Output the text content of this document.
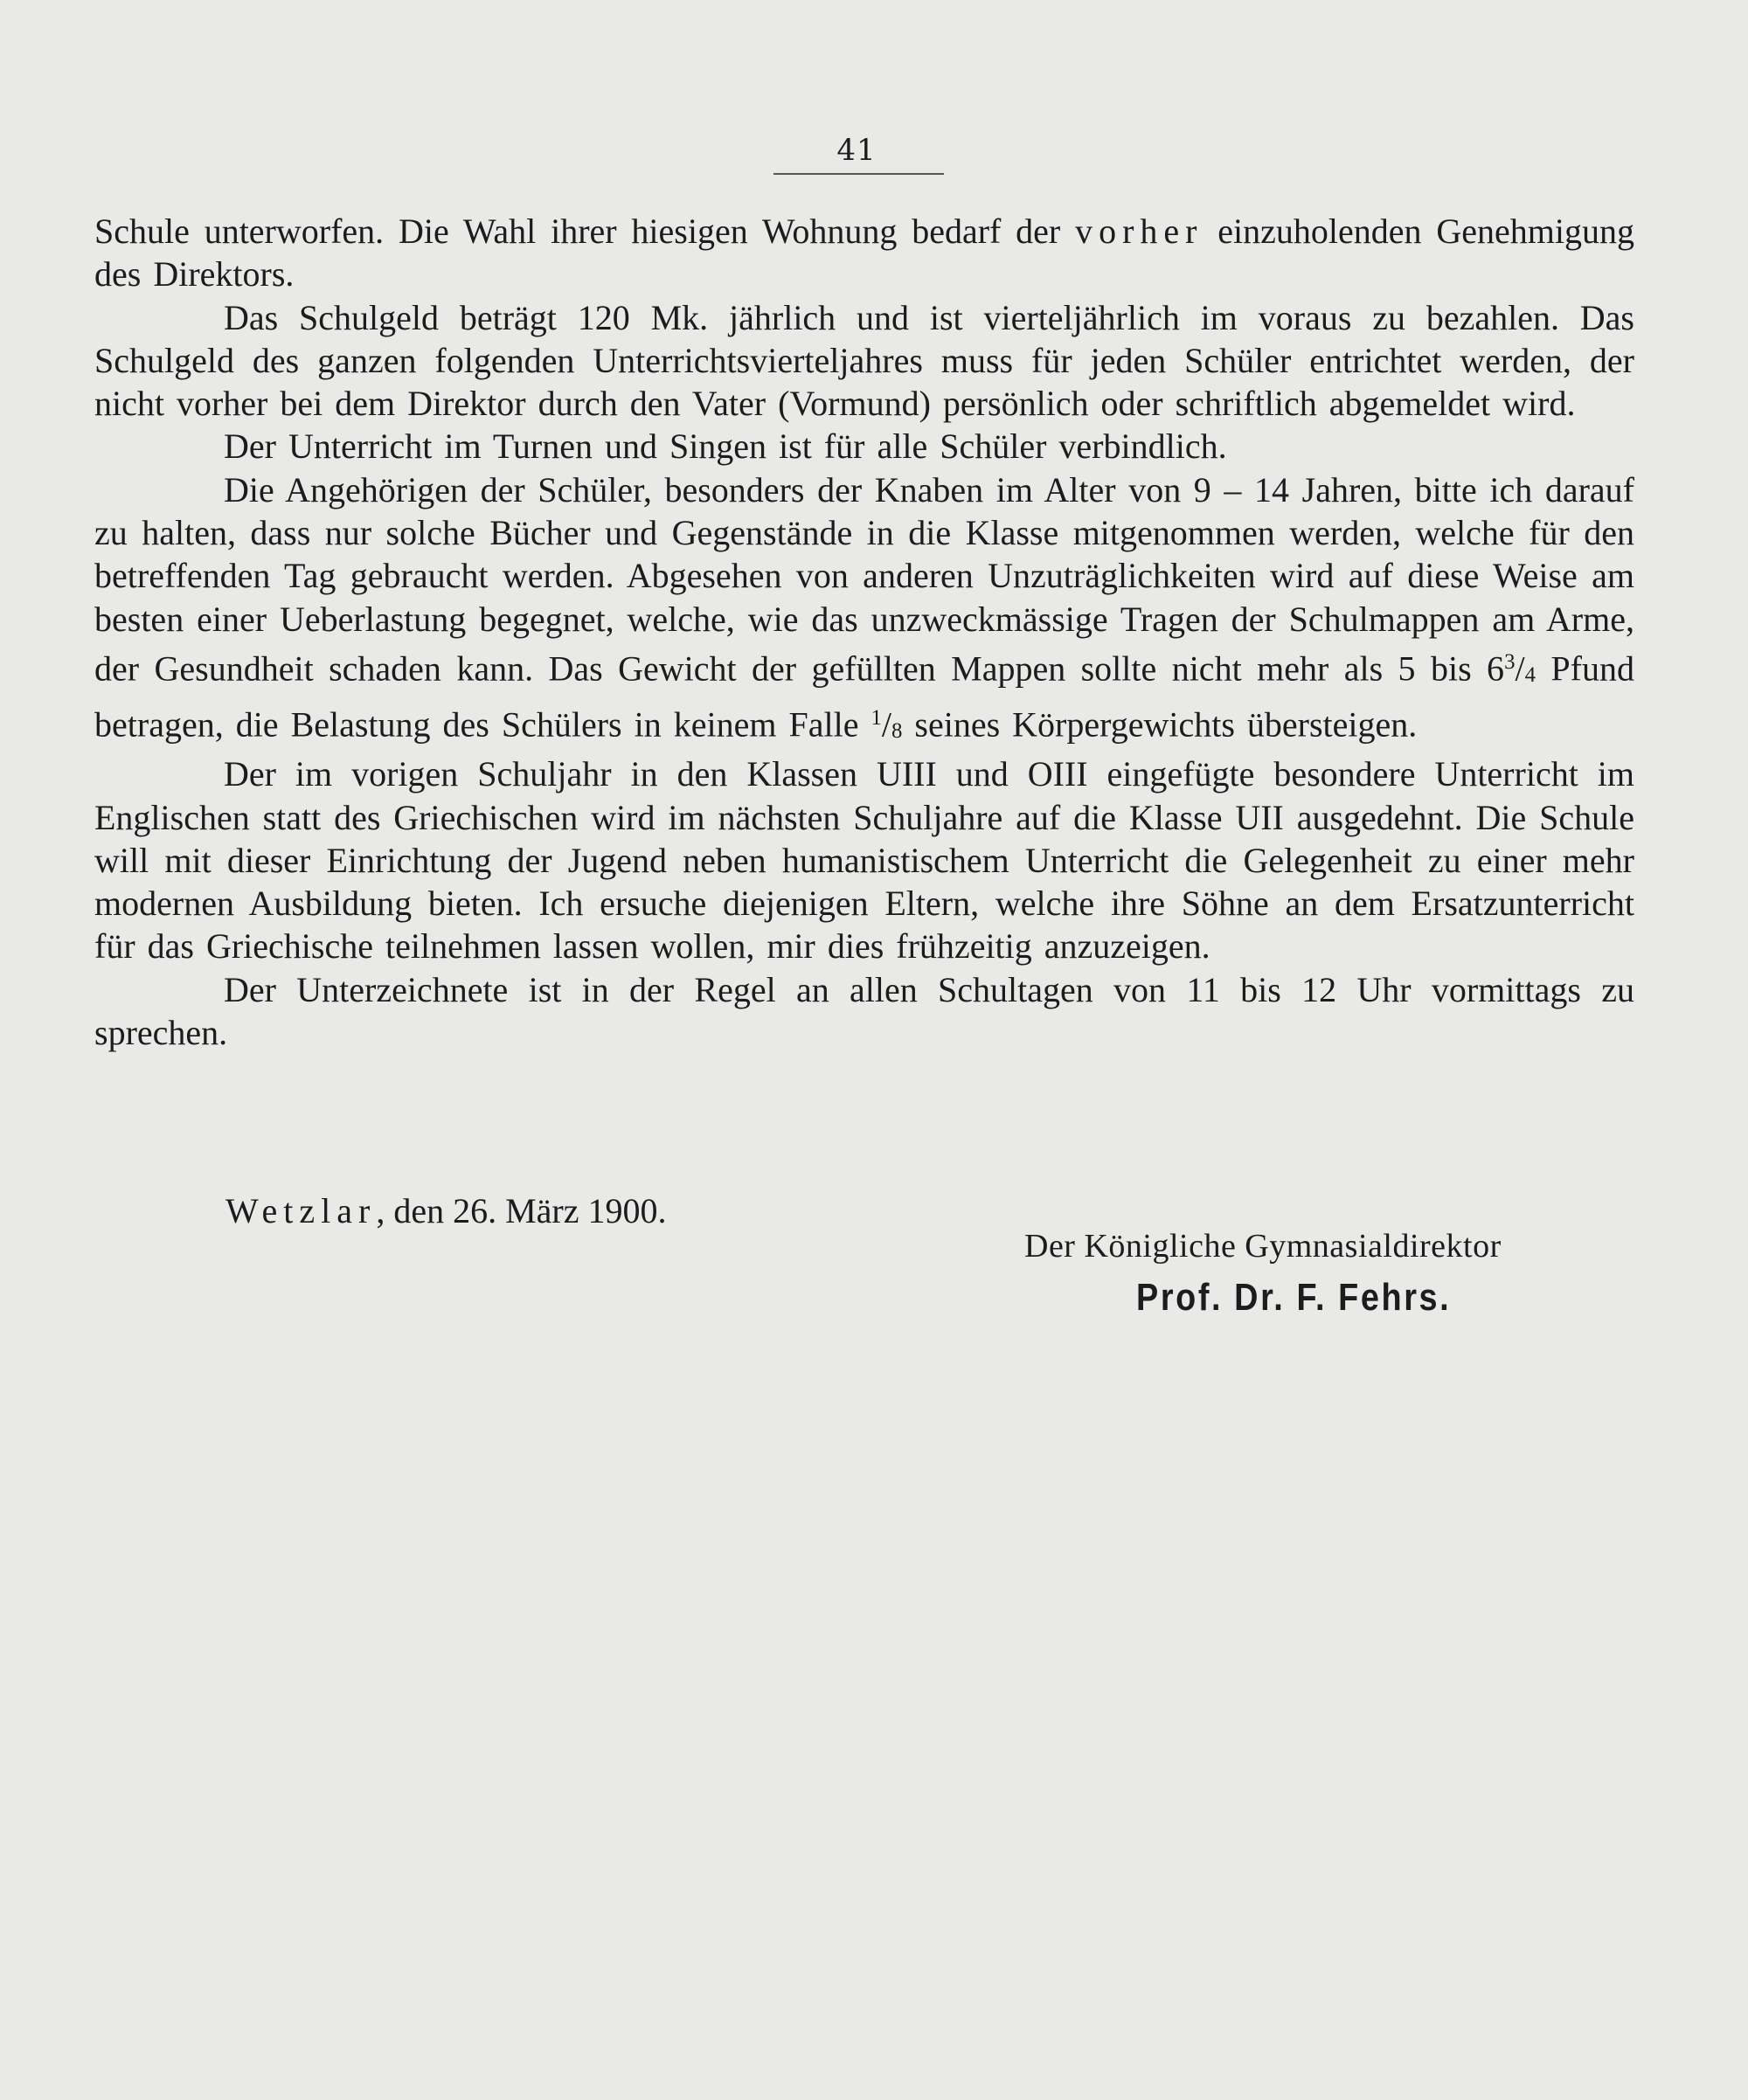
41

Schule unterworfen. Die Wahl ihrer hiesigen Wohnung bedarf der vorher einzuholenden Genehmigung des Direktors.

Das Schulgeld beträgt 120 Mk. jährlich und ist vierteljährlich im voraus zu bezahlen. Das Schulgeld des ganzen folgenden Unterrichtsvierteljahres muss für jeden Schüler entrichtet werden, der nicht vorher bei dem Direktor durch den Vater (Vormund) persönlich oder schriftlich abgemeldet wird.

Der Unterricht im Turnen und Singen ist für alle Schüler verbindlich.

Die Angehörigen der Schüler, besonders der Knaben im Alter von 9 – 14 Jahren, bitte ich darauf zu halten, dass nur solche Bücher und Gegenstände in die Klasse mitgenommen werden, welche für den betreffenden Tag gebraucht werden. Abgesehen von anderen Unzuträglichkeiten wird auf diese Weise am besten einer Ueberlastung begegnet, welche, wie das unzweckmässige Tragen der Schulmappen am Arme, der Gesundheit schaden kann. Das Gewicht der gefüllten Mappen sollte nicht mehr als 5 bis $6^3/4$ Pfund betragen, die Belastung des Schülers in keinem Falle $^1$/8 seines Körpergewichts übersteigen.

Der im vorigen Schuljahr in den Klassen UIII und OIII eingefügte besondere Unterricht im Englischen statt des Griechischen wird im nächsten Schuljahre auf die Klasse UII ausgedehnt. Die Schule will mit dieser Einrichtung der Jugend neben humanistischem Unterricht die Gelegenheit zu einer mehr modernen Ausbildung bieten. Ich ersuche diejenigen Eltern, welche ihre Söhne an dem Ersatzunterricht für das Griechische teilnehmen lassen wollen, mir dies frühzeitig anzuzeigen.

Der Unterzeichnete ist in der Regel an allen Schultagen von 11 bis 12 Uhr vormittags zu sprechen.

Wetzlar, den 26. März 1900.
Der Königliche Gymnasialdirektor
Prof. Dr. F. Fehrs.
